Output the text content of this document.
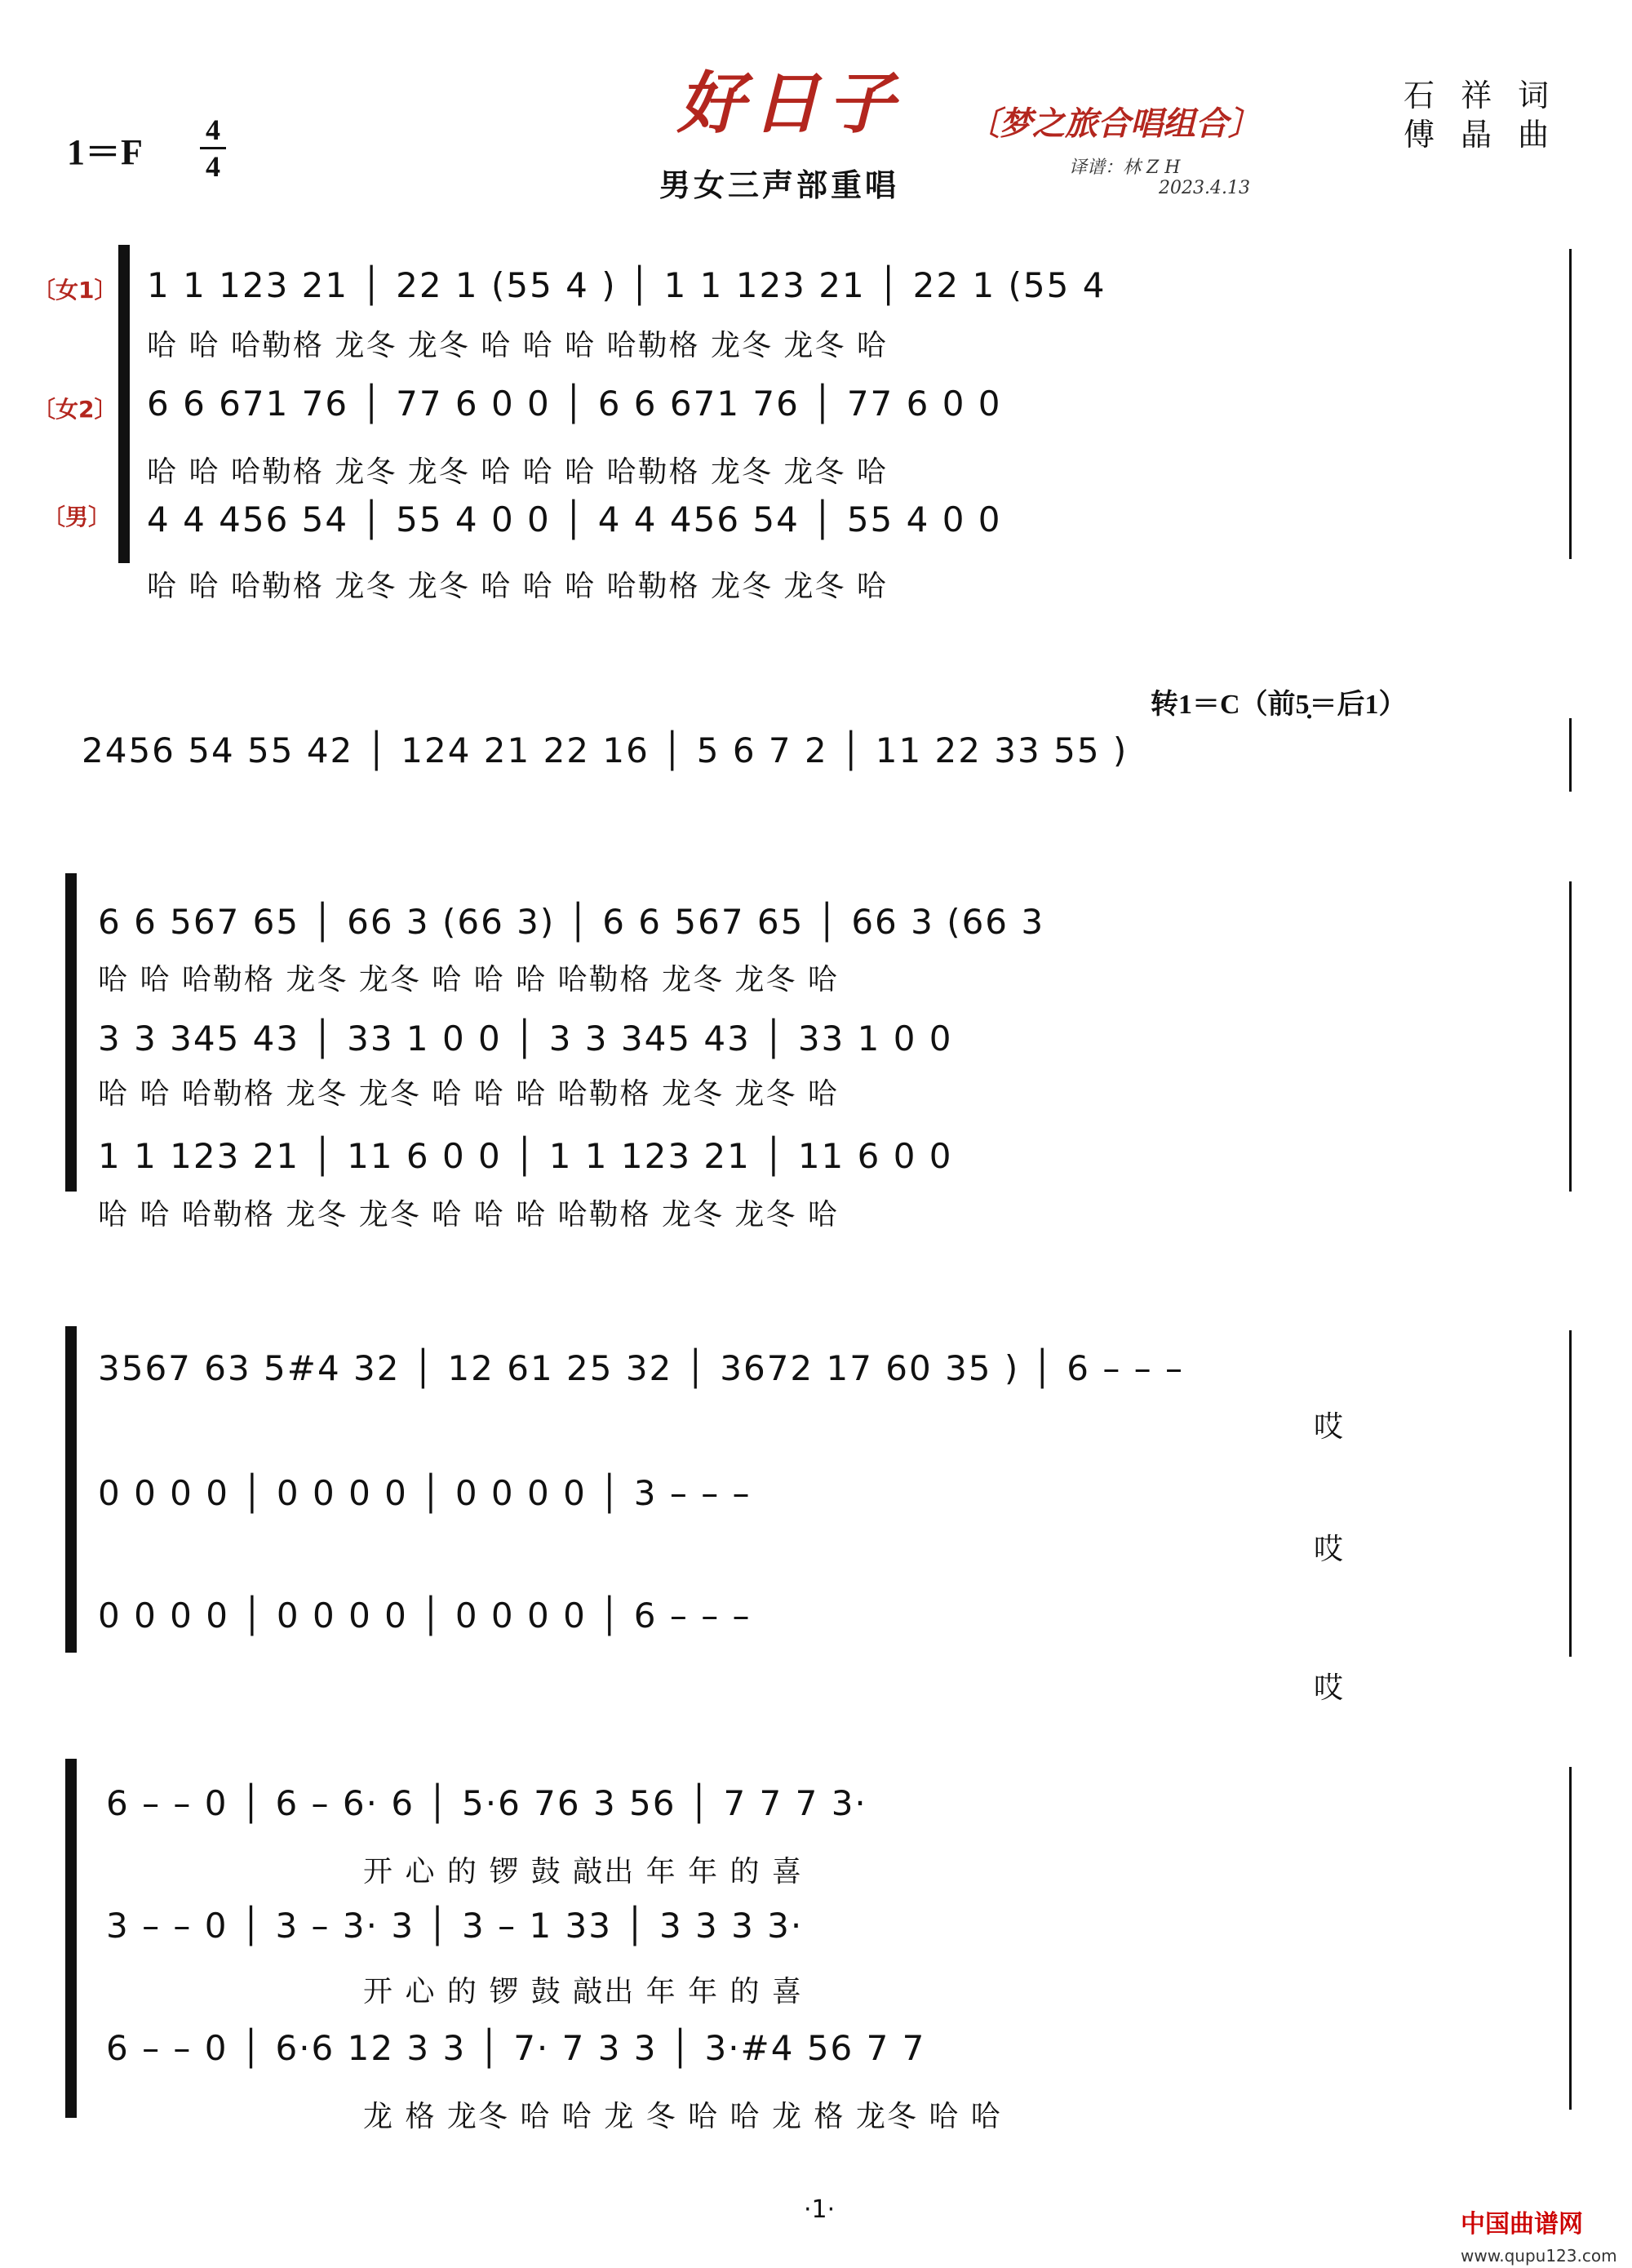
好日子 〔梦之旅合唱组合〕
男女三声部重唱
石 祥 词
傅 晶 曲
译谱：林 Z H
2023.4.13
1＝F
4
4
〔女1〕
〔女2〕
〔男〕
1 1 123 21 │ 22 1 (55 4 ) │ 1 1 123 21 │ 22 1 (55 4
哈 哈 哈勒格 龙冬 龙冬 哈 哈 哈 哈勒格 龙冬 龙冬 哈
6 6 671 76 │ 77 6 0 0 │ 6 6 671 76 │ 77 6 0 0
哈 哈 哈勒格 龙冬 龙冬 哈 哈 哈 哈勒格 龙冬 龙冬 哈
4 4 456 54 │ 55 4 0 0 │ 4 4 456 54 │ 55 4 0 0
哈 哈 哈勒格 龙冬 龙冬 哈 哈 哈 哈勒格 龙冬 龙冬 哈
转1＝C（前5̣＝后1）
2456 54 55 42 │ 124 21 22 16 │ 5 6 7 2 │ 11 22 33 55 )
6 6 567 65 │ 66 3 (66 3) │ 6 6 567 65 │ 66 3 (66 3
哈 哈 哈勒格 龙冬 龙冬 哈 哈 哈 哈勒格 龙冬 龙冬 哈
3 3 345 43 │ 33 1 0 0 │ 3 3 345 43 │ 33 1 0 0
哈 哈 哈勒格 龙冬 龙冬 哈 哈 哈 哈勒格 龙冬 龙冬 哈
1 1 123 21 │ 11 6 0 0 │ 1 1 123 21 │ 11 6 0 0
哈 哈 哈勒格 龙冬 龙冬 哈 哈 哈 哈勒格 龙冬 龙冬 哈
3567 63 5#4 32 │ 12 61 25 32 │ 3672 17 60 35 ) │ 6 – – –
哎
0 0 0 0 │ 0 0 0 0 │ 0 0 0 0 │ 3 – – –
哎
0 0 0 0 │ 0 0 0 0 │ 0 0 0 0 │ 6 – – –
哎
6 – – 0 │ 6 – 6· 6 │ 5·6 76 3 56 │ 7 7 7 3·
开 心 的 锣 鼓 敲出 年 年 的 喜
3 – – 0 │ 3 – 3· 3 │ 3 – 1 33 │ 3 3 3 3·
开 心 的 锣 鼓 敲出 年 年 的 喜
6 – – 0 │ 6·6 12 3 3 │ 7· 7 3 3 │ 3·#4 56 7 7
龙 格 龙冬 哈 哈 龙 冬 哈 哈 龙 格 龙冬 哈 哈
·1·
中国曲谱网
www.qupu123.com
